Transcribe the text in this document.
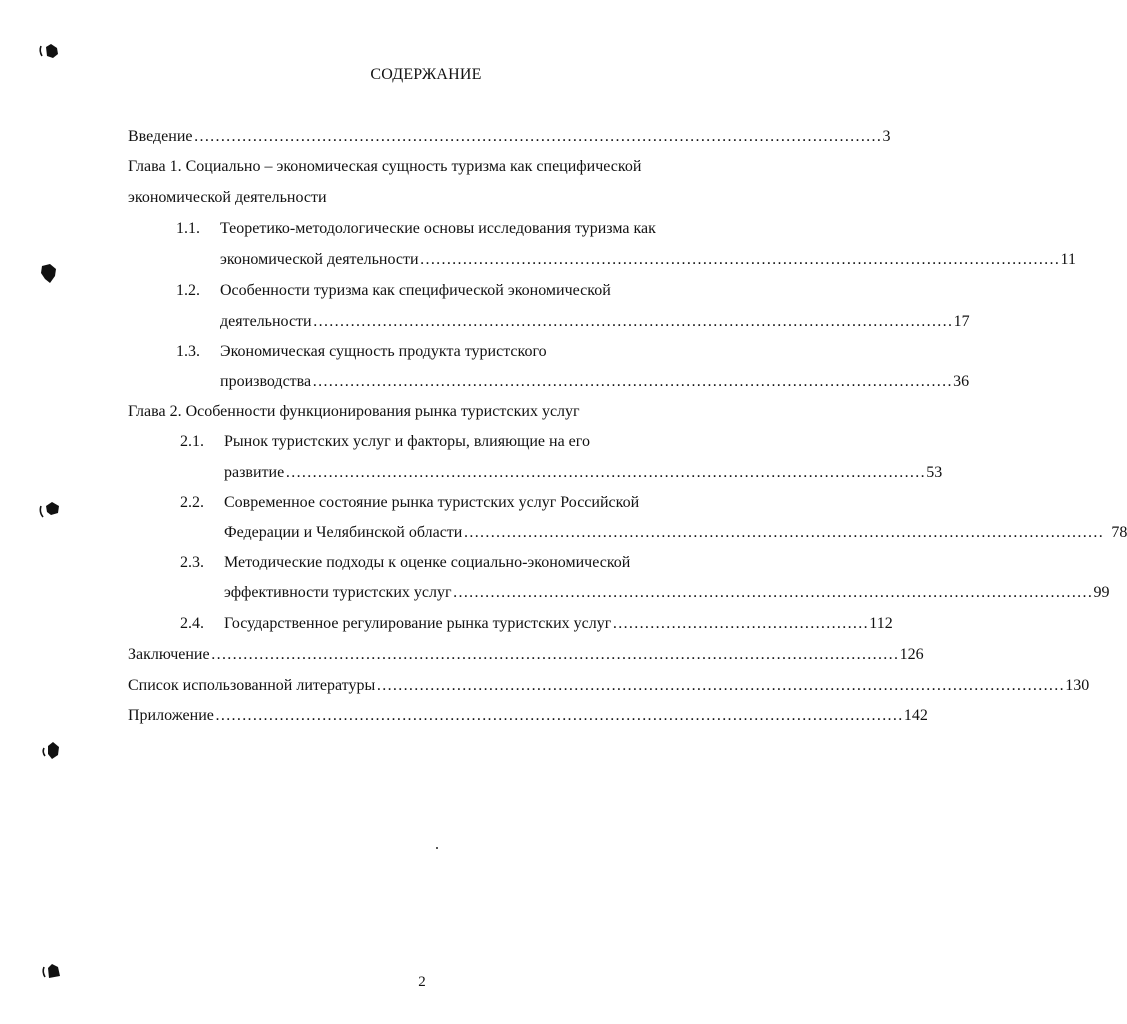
СОДЕРЖАНИЕ
Введение ………………………………………………………………………………………………………………… 3
Глава 1. Социально – экономическая сущность туризма как специфической
экономической деятельности
1.1. Теоретико-методологические основы исследования туризма как
экономической деятельности ………………………………………………………………………………………………………… 11
1.2. Особенности туризма как специфической экономической
деятельности ………………………………………………………………………………………………………… 17
1.3. Экономическая сущность продукта туристского
производства ………………………………………………………………………………………………………… 36
Глава 2. Особенности функционирования рынка туристских услуг
2.1. Рынок туристских услуг и факторы, влияющие на его
развитие ………………………………………………………………………………………………………… 53
2.2. Современное состояние рынка туристских услуг Российской
Федерации и Челябинской области ………………………………………………………………………………………………………… 78
2.3. Методические подходы к оценке социально-экономической
эффективности туристских услуг ………………………………………………………………………………………………………… 99
2.4. Государственное регулирование рынка туристских услуг ………………………………………… 112
Заключение ………………………………………………………………………………………………………………… 126
Список использованной литературы ………………………………………………………………………………………………………………… 130
Приложение ………………………………………………………………………………………………………………… 142
2
